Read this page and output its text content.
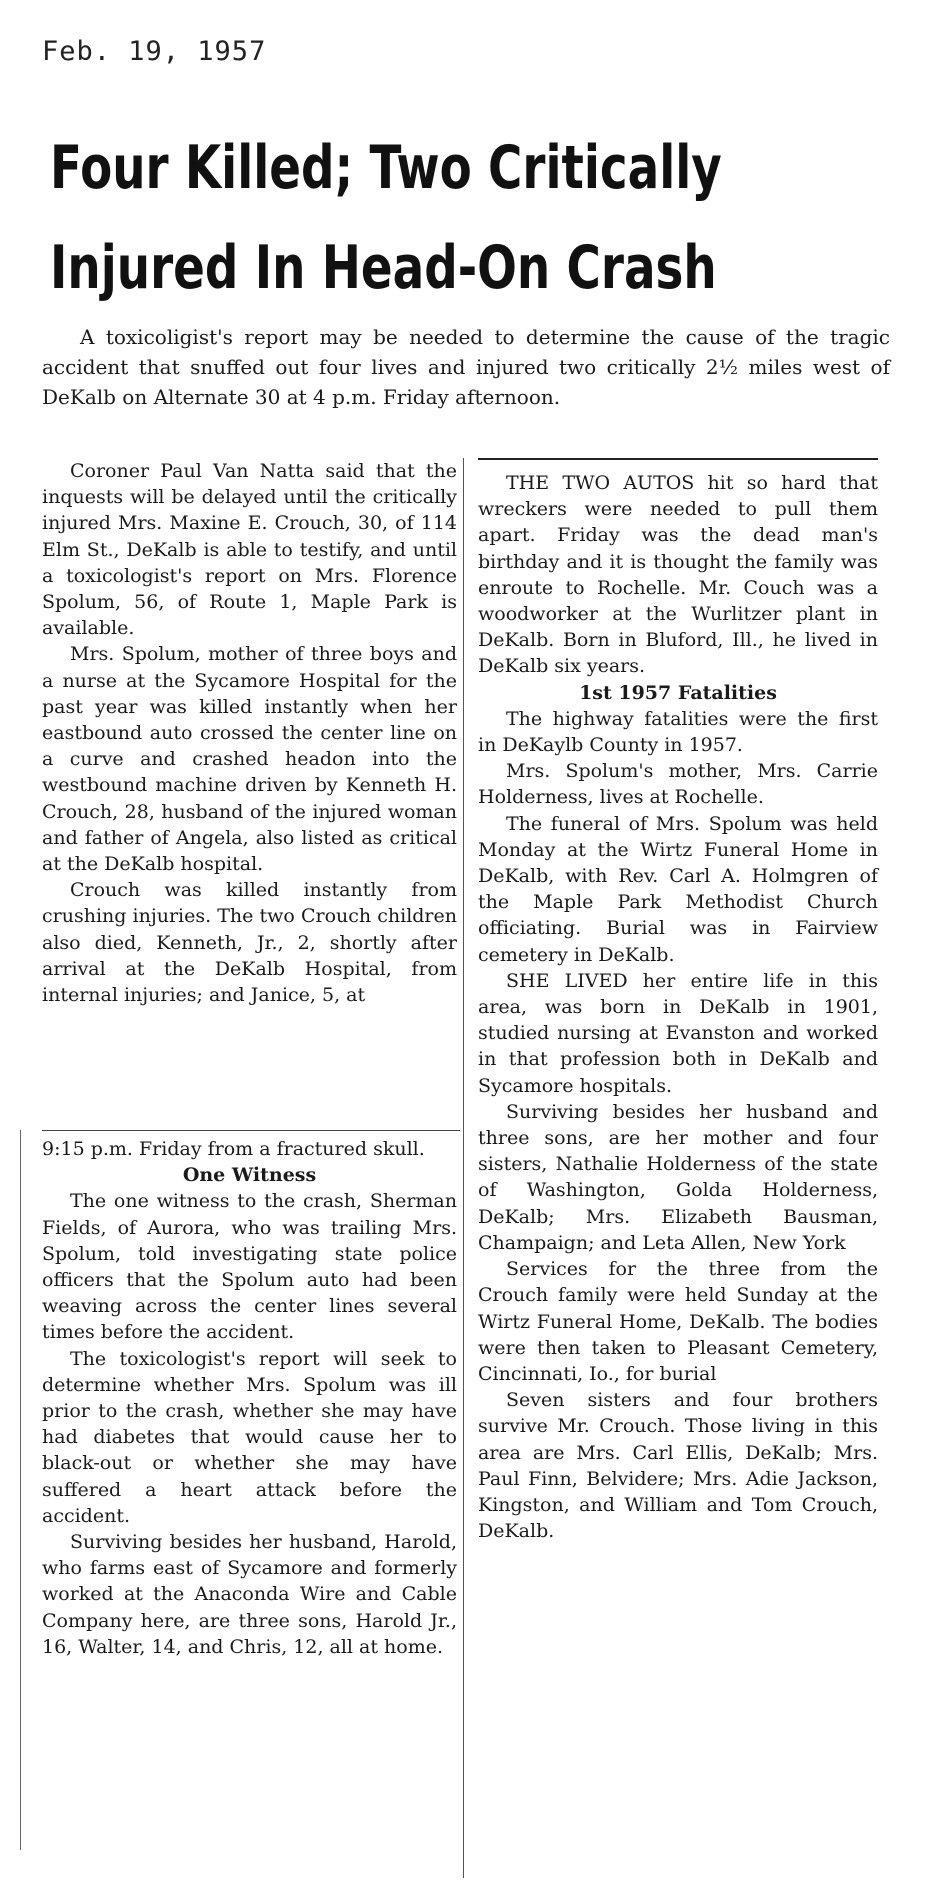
Feb. 19, 1957
Four Killed; Two Critically
Injured In Head-On Crash
A toxicoligist's report may be needed to determine the cause of the tragic accident that snuffed out four lives and injured two critically 2½ miles west of DeKalb on Alternate 30 at 4 p.m. Friday afternoon.

Coroner Paul Van Natta said that the inquests will be delayed until the critically injured Mrs. Maxine E. Crouch, 30, of 114 Elm St., DeKalb is able to testify, and until a toxicologist's report on Mrs. Florence Spolum, 56, of Route 1, Maple Park is available.

Mrs. Spolum, mother of three boys and a nurse at the Sycamore Hospital for the past year was killed instantly when her eastbound auto crossed the center line on a curve and crashed headon into the westbound machine driven by Kenneth H. Crouch, 28, husband of the injured woman and father of Angela, also listed as critical at the DeKalb hospital.

Crouch was killed instantly from crushing injuries. The two Crouch children also died, Kenneth, Jr., 2, shortly after arrival at the DeKalb Hospital, from internal injuries; and Janice, 5, at

9:15 p.m. Friday from a fractured skull.

One Witness

The one witness to the crash, Sherman Fields, of Aurora, who was trailing Mrs. Spolum, told investigating state police officers that the Spolum auto had been weaving across the center lines several times before the accident.

The toxicologist's report will seek to determine whether Mrs. Spolum was ill prior to the crash, whether she may have had diabetes that would cause her to black-out or whether she may have suffered a heart attack before the accident.

Surviving besides her husband, Harold, who farms east of Sycamore and formerly worked at the Anaconda Wire and Cable Company here, are three sons, Harold Jr., 16, Walter, 14, and Chris, 12, all at home.

THE TWO AUTOS hit so hard that wreckers were needed to pull them apart. Friday was the dead man's birthday and it is thought the family was enroute to Rochelle. Mr. Couch was a woodworker at the Wurlitzer plant in DeKalb. Born in Bluford, Ill., he lived in DeKalb six years.

1st 1957 Fatalities

The highway fatalities were the first in DeKaylb County in 1957.

Mrs. Spolum's mother, Mrs. Carrie Holderness, lives at Rochelle.

The funeral of Mrs. Spolum was held Monday at the Wirtz Funeral Home in DeKalb, with Rev. Carl A. Holmgren of the Maple Park Methodist Church officiating. Burial was in Fairview cemetery in DeKalb.

SHE LIVED her entire life in this area, was born in DeKalb in 1901, studied nursing at Evanston and worked in that profession both in DeKalb and Sycamore hospitals.

Surviving besides her husband and three sons, are her mother and four sisters, Nathalie Holderness of the state of Washington, Golda Holderness, DeKalb; Mrs. Elizabeth Bausman, Champaign; and Leta Allen, New York

Services for the three from the Crouch family were held Sunday at the Wirtz Funeral Home, DeKalb. The bodies were then taken to Pleasant Cemetery, Cincinnati, Io., for burial

Seven sisters and four brothers survive Mr. Crouch. Those living in this area are Mrs. Carl Ellis, DeKalb; Mrs. Paul Finn, Belvidere; Mrs. Adie Jackson, Kingston, and William and Tom Crouch, DeKalb.
